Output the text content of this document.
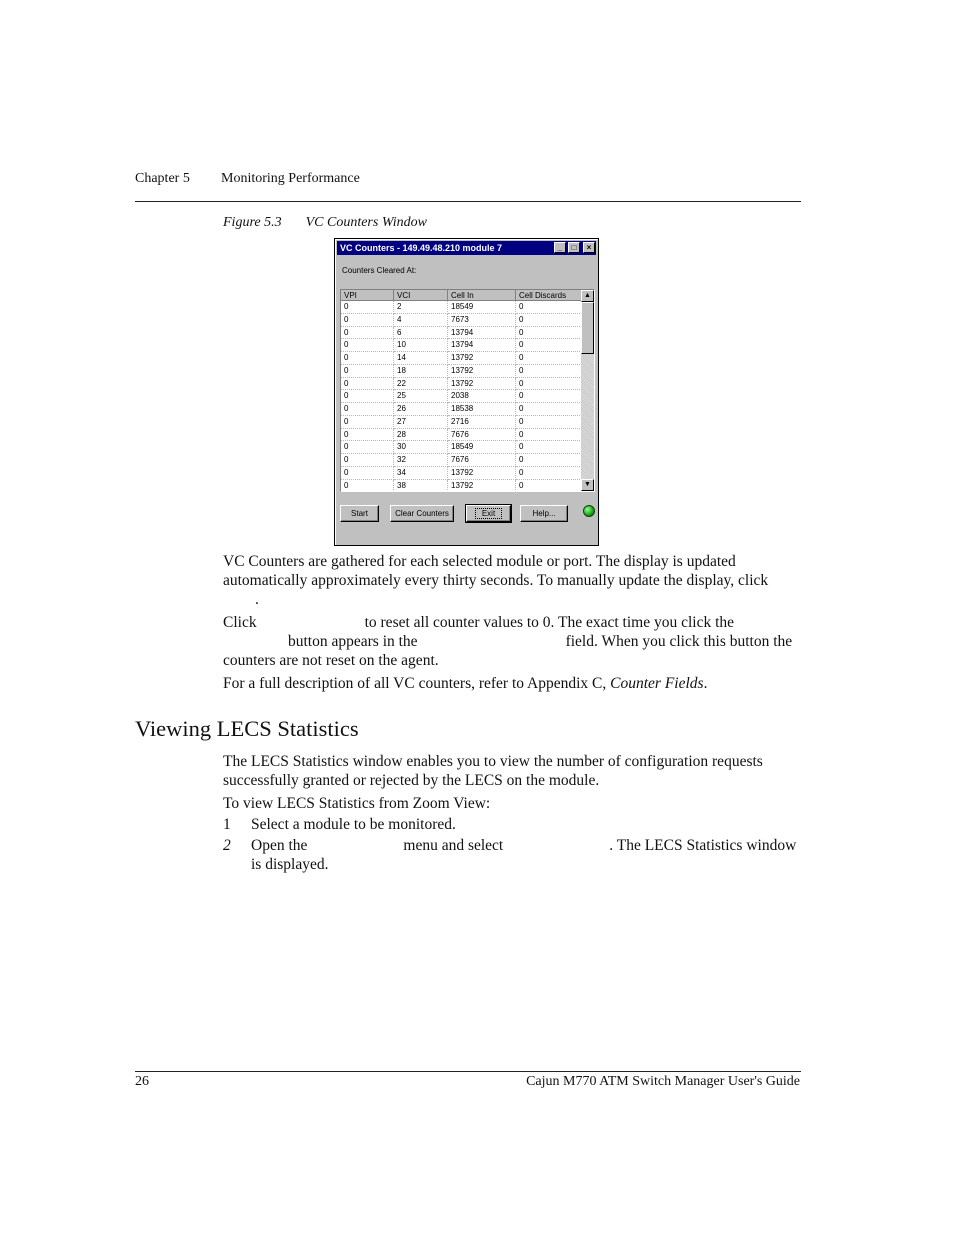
Chapter 5 Monitoring Performance
Figure 5.3 VC Counters Window
VC Counters - 149.49.48.210 module 7	_	□	×
Counters Cleared At:
VPI	VCI	Cell In	Cell Discards
0	2	18549	0
0	4	7673	0
0	6	13794	0
0	10	13794	0
0	14	13792	0
0	18	13792	0
0	22	13792	0
0	25	2038	0
0	26	18538	0
0	27	2716	0
0	28	7676	0
0	30	18549	0
0	32	7676	0
0	34	13792	0
0	38	13792	0
▲
▼
Start	Clear Counters	Exit	Help...
VC Counters are gathered for each selected module or port. The display is updated automatically approximately every thirty seconds. To manually update the display, click
.
Click	to reset all counter values to 0. The exact time you click the
button appears in the	field. When you click this button the counters are not reset on the agent.
For a full description of all VC counters, refer to Appendix C, Counter Fields.
Viewing LECS Statistics
The LECS Statistics window enables you to view the number of configuration requests successfully granted or rejected by the LECS on the module.
To view LECS Statistics from Zoom View:
1 Select a module to be monitored.
2 Open the	menu and select	. The LECS Statistics window is displayed.
26	Cajun M770 ATM Switch Manager User's Guide
